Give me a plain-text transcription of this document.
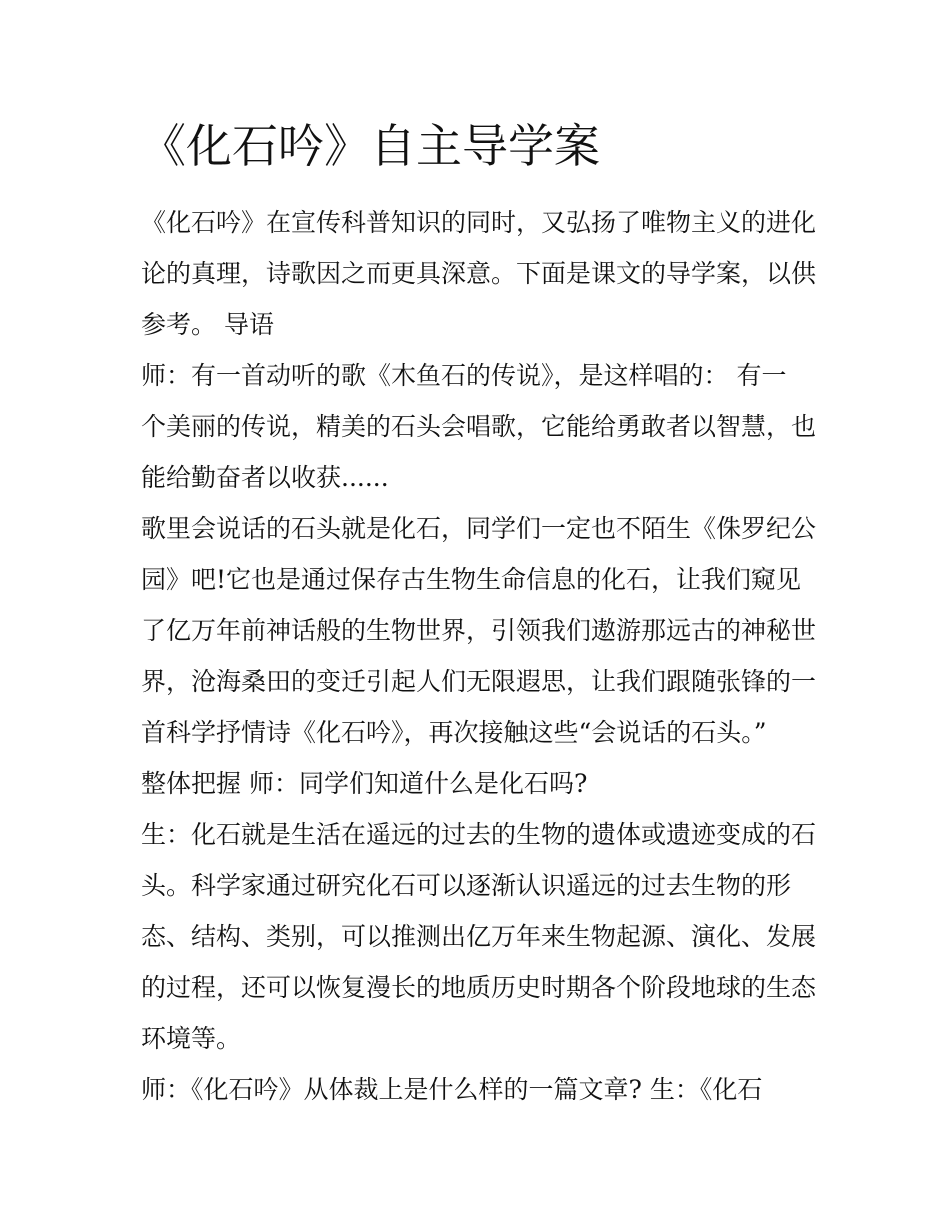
《化石吟》自主导学案
《化石吟》在宣传科普知识的同时，又弘扬了唯物主义的进化
论的真理，诗歌因之而更具深意。下面是课文的导学案，以供
参考。 导语
师：有一首动听的歌《木鱼石的传说》，是这样唱的： 有一
个美丽的传说，精美的石头会唱歌，它能给勇敢者以智慧，也
能给勤奋者以收获......
歌里会说话的石头就是化石，同学们一定也不陌生《侏罗纪公
园》吧!它也是通过保存古生物生命信息的化石，让我们窥见
了亿万年前神话般的生物世界，引领我们遨游那远古的神秘世
界，沧海桑田的变迁引起人们无限遐思，让我们跟随张锋的一
首科学抒情诗《化石吟》，再次接触这些“会说话的石头。”
整体把握 师：同学们知道什么是化石吗?
生：化石就是生活在遥远的过去的生物的遗体或遗迹变成的石
头。科学家通过研究化石可以逐渐认识遥远的过去生物的形
态、结构、类别，可以推测出亿万年来生物起源、演化、发展
的过程，还可以恢复漫长的地质历史时期各个阶段地球的生态
环境等。
师：《化石吟》从体裁上是什么样的一篇文章? 生：《化石
